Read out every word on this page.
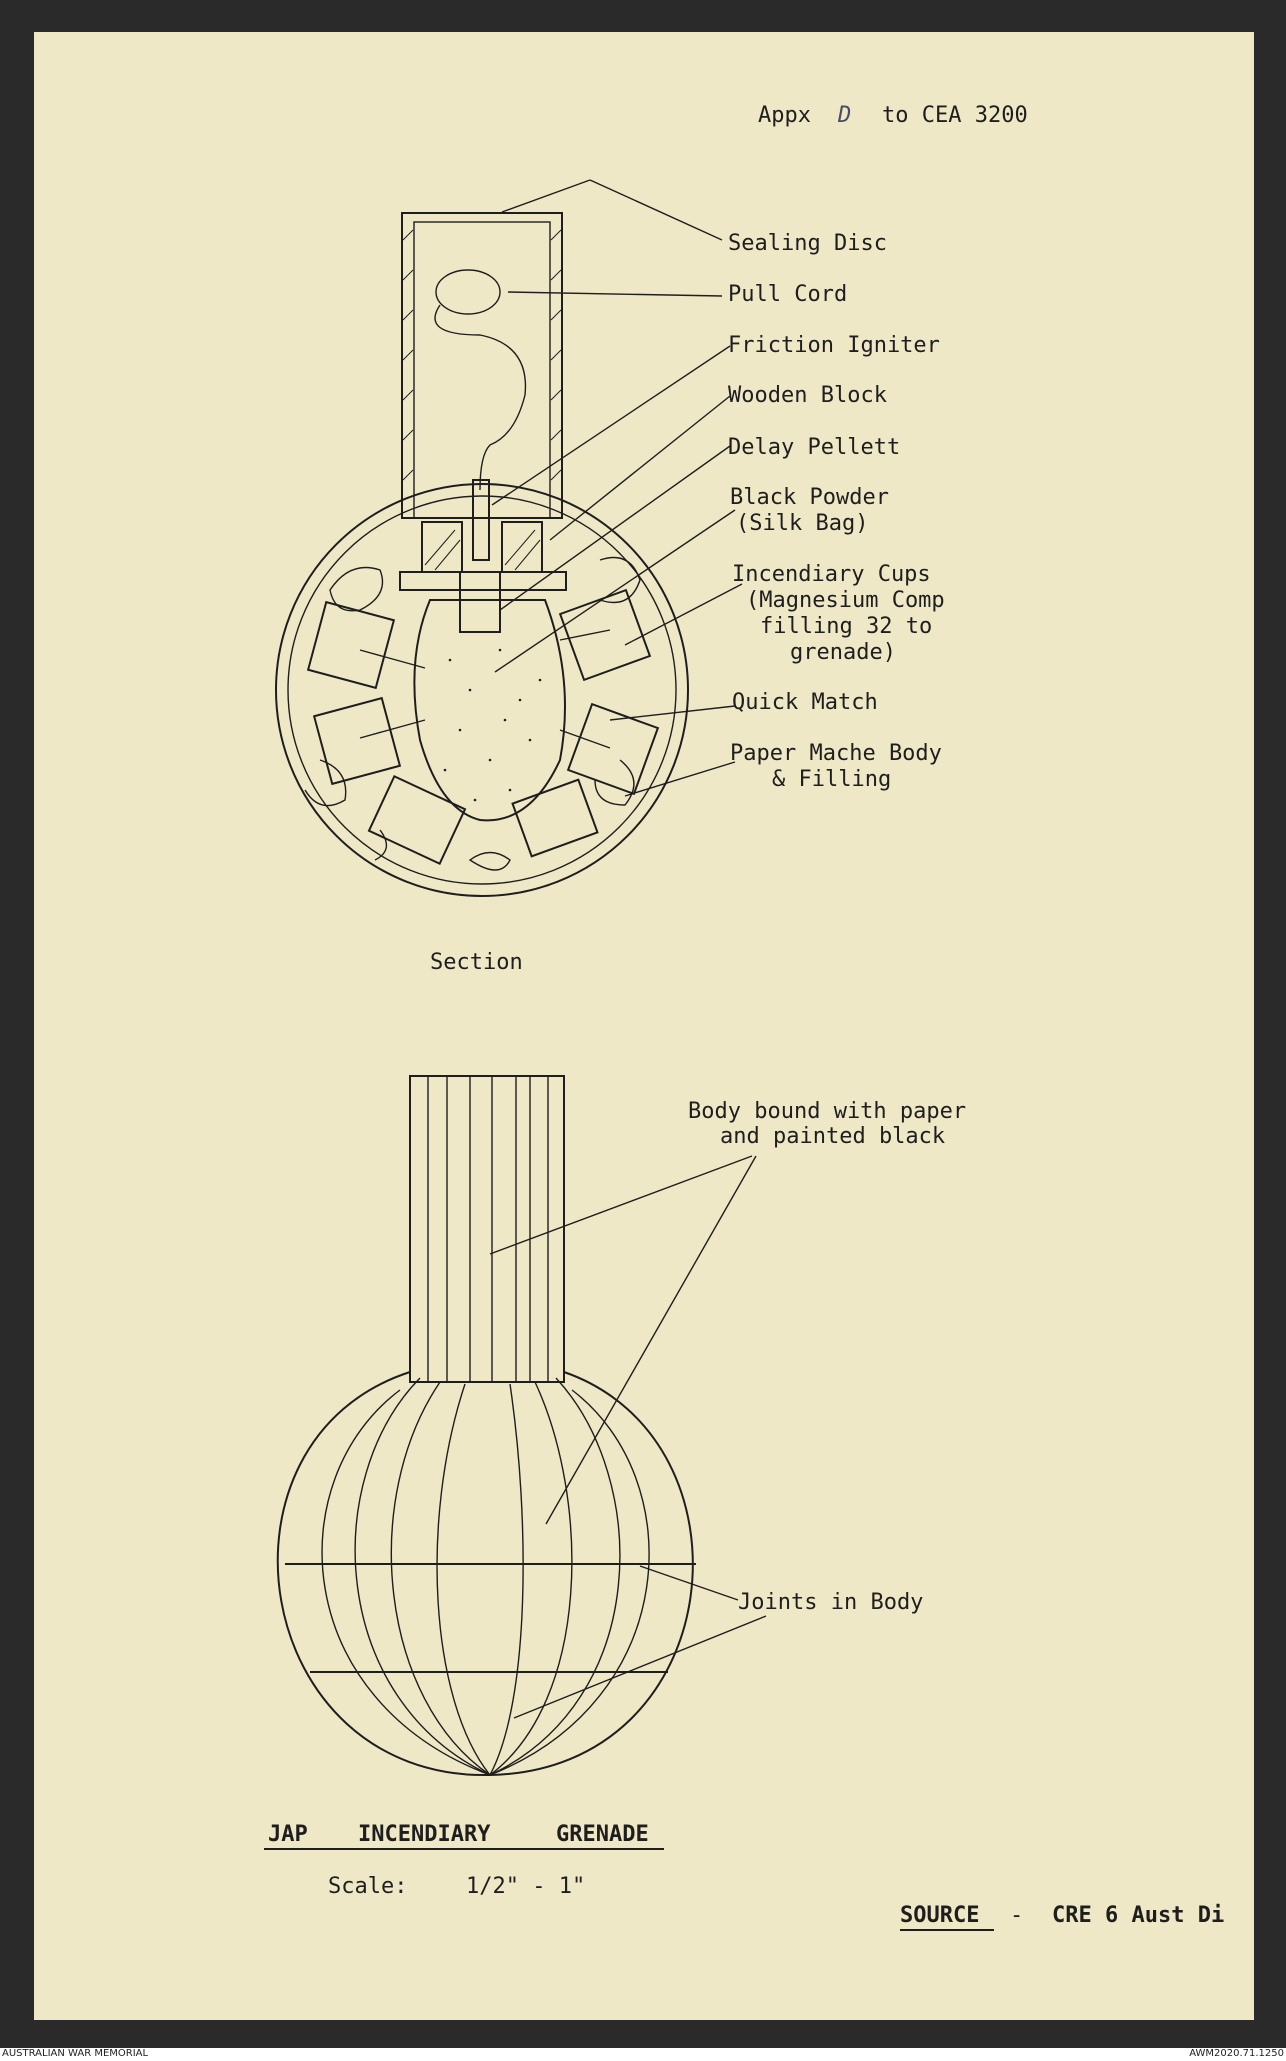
Appx D to CEA 3200
Sealing Disc
Pull Cord
Friction Igniter
Wooden Block
Delay Pellett
Black Powder
(Silk Bag)
Incendiary Cups
(Magnesium Comp
filling 32 to
grenade)
Quick Match
Paper Mache Body
& Filling
Section
Body bound with paper
and painted black
Joints in Body
JAP INCENDIARY	GRENADE
Scale:	1/2" - 1"
SOURCE - CRE 6 Aust Di
AUSTRALIAN WAR MEMORIAL	AWM2020.71.1250
